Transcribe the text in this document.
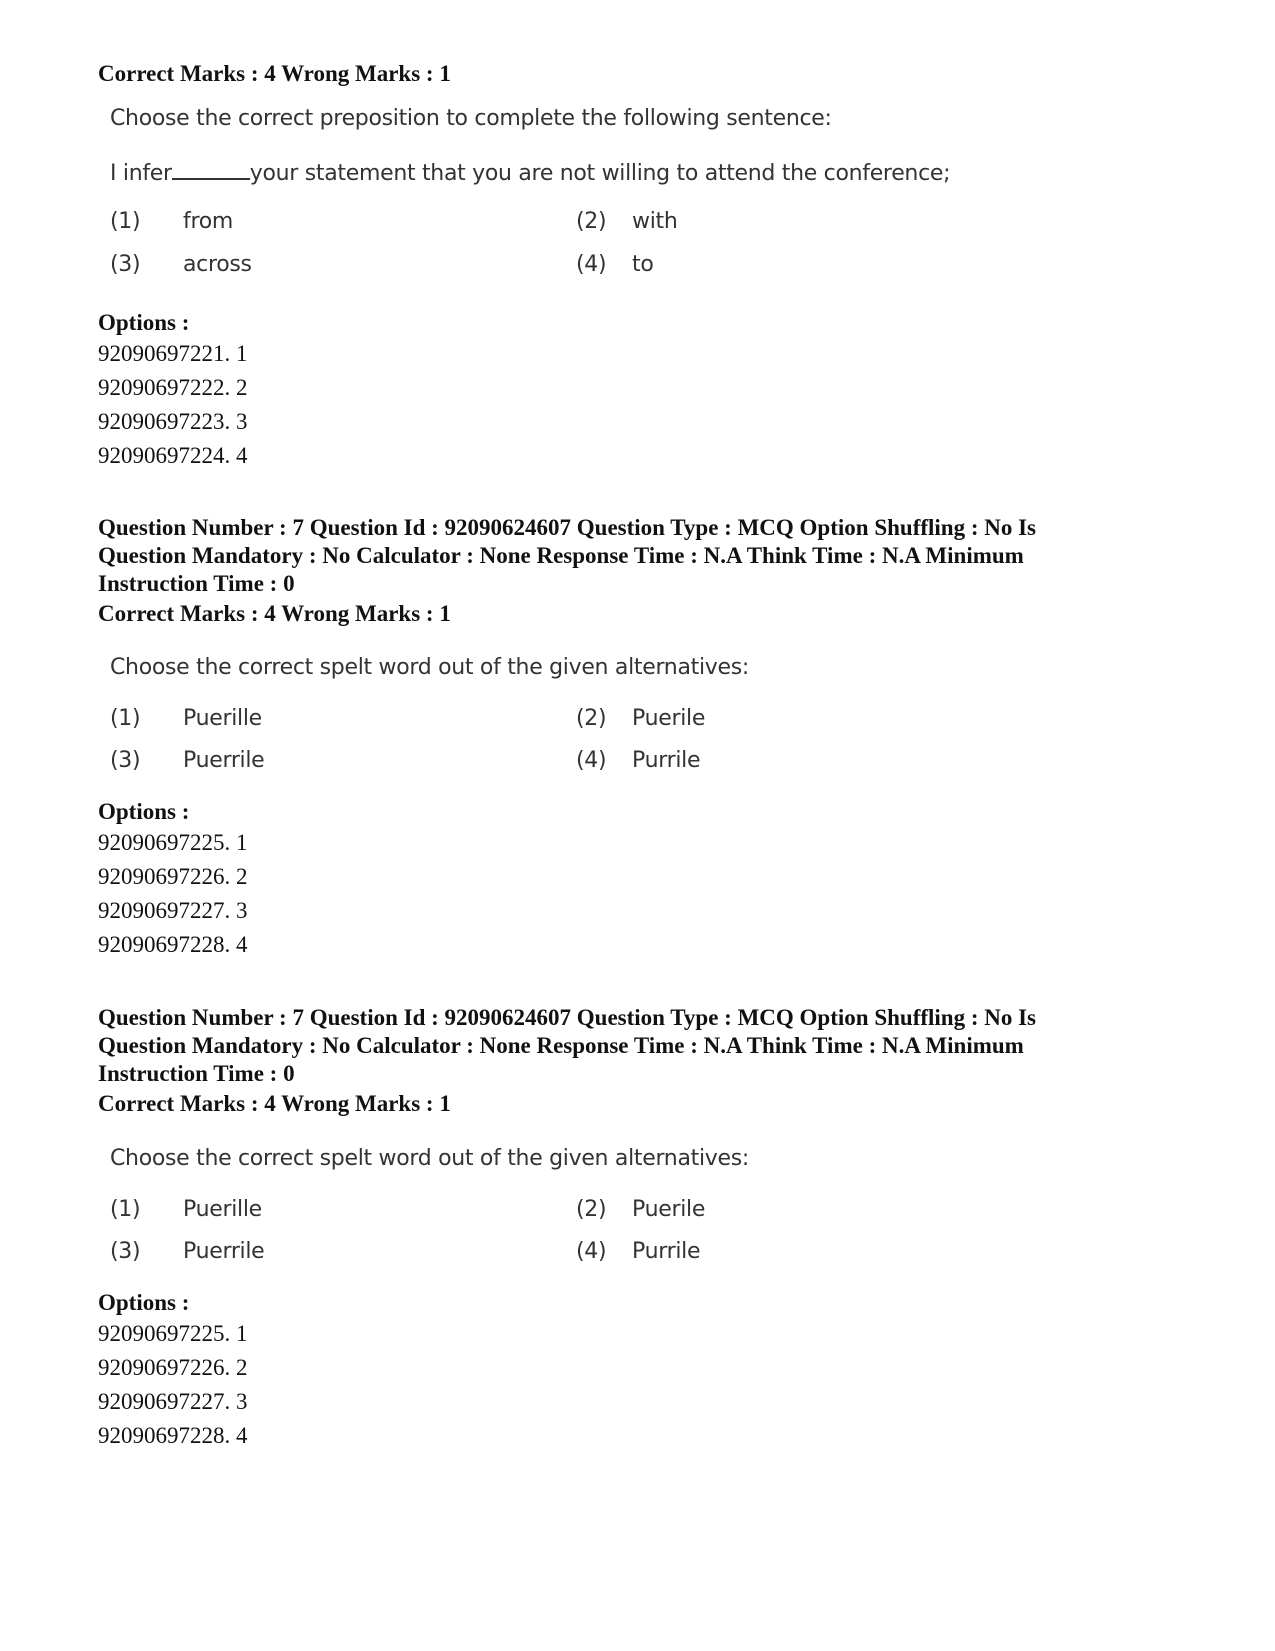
Correct Marks : 4 Wrong Marks : 1
Choose the correct preposition to complete the following sentence:
I infer	your statement that you are not willing to attend the conference;
(1) from	(2) with
(3) across	(4) to
Options :
92090697221. 1
92090697222. 2
92090697223. 3
92090697224. 4
Question Number : 7 Question Id : 92090624607 Question Type : MCQ Option Shuffling : No Is
Question Mandatory : No Calculator : None Response Time : N.A Think Time : N.A Minimum
Instruction Time : 0
Correct Marks : 4 Wrong Marks : 1
Choose the correct spelt word out of the given alternatives:
(1) Puerille	(2) Puerile
(3) Puerrile	(4) Purrile
Options :
92090697225. 1
92090697226. 2
92090697227. 3
92090697228. 4
Question Number : 7 Question Id : 92090624607 Question Type : MCQ Option Shuffling : No Is
Question Mandatory : No Calculator : None Response Time : N.A Think Time : N.A Minimum
Instruction Time : 0
Correct Marks : 4 Wrong Marks : 1
Choose the correct spelt word out of the given alternatives:
(1) Puerille	(2) Puerile
(3) Puerrile	(4) Purrile
Options :
92090697225. 1
92090697226. 2
92090697227. 3
92090697228. 4
